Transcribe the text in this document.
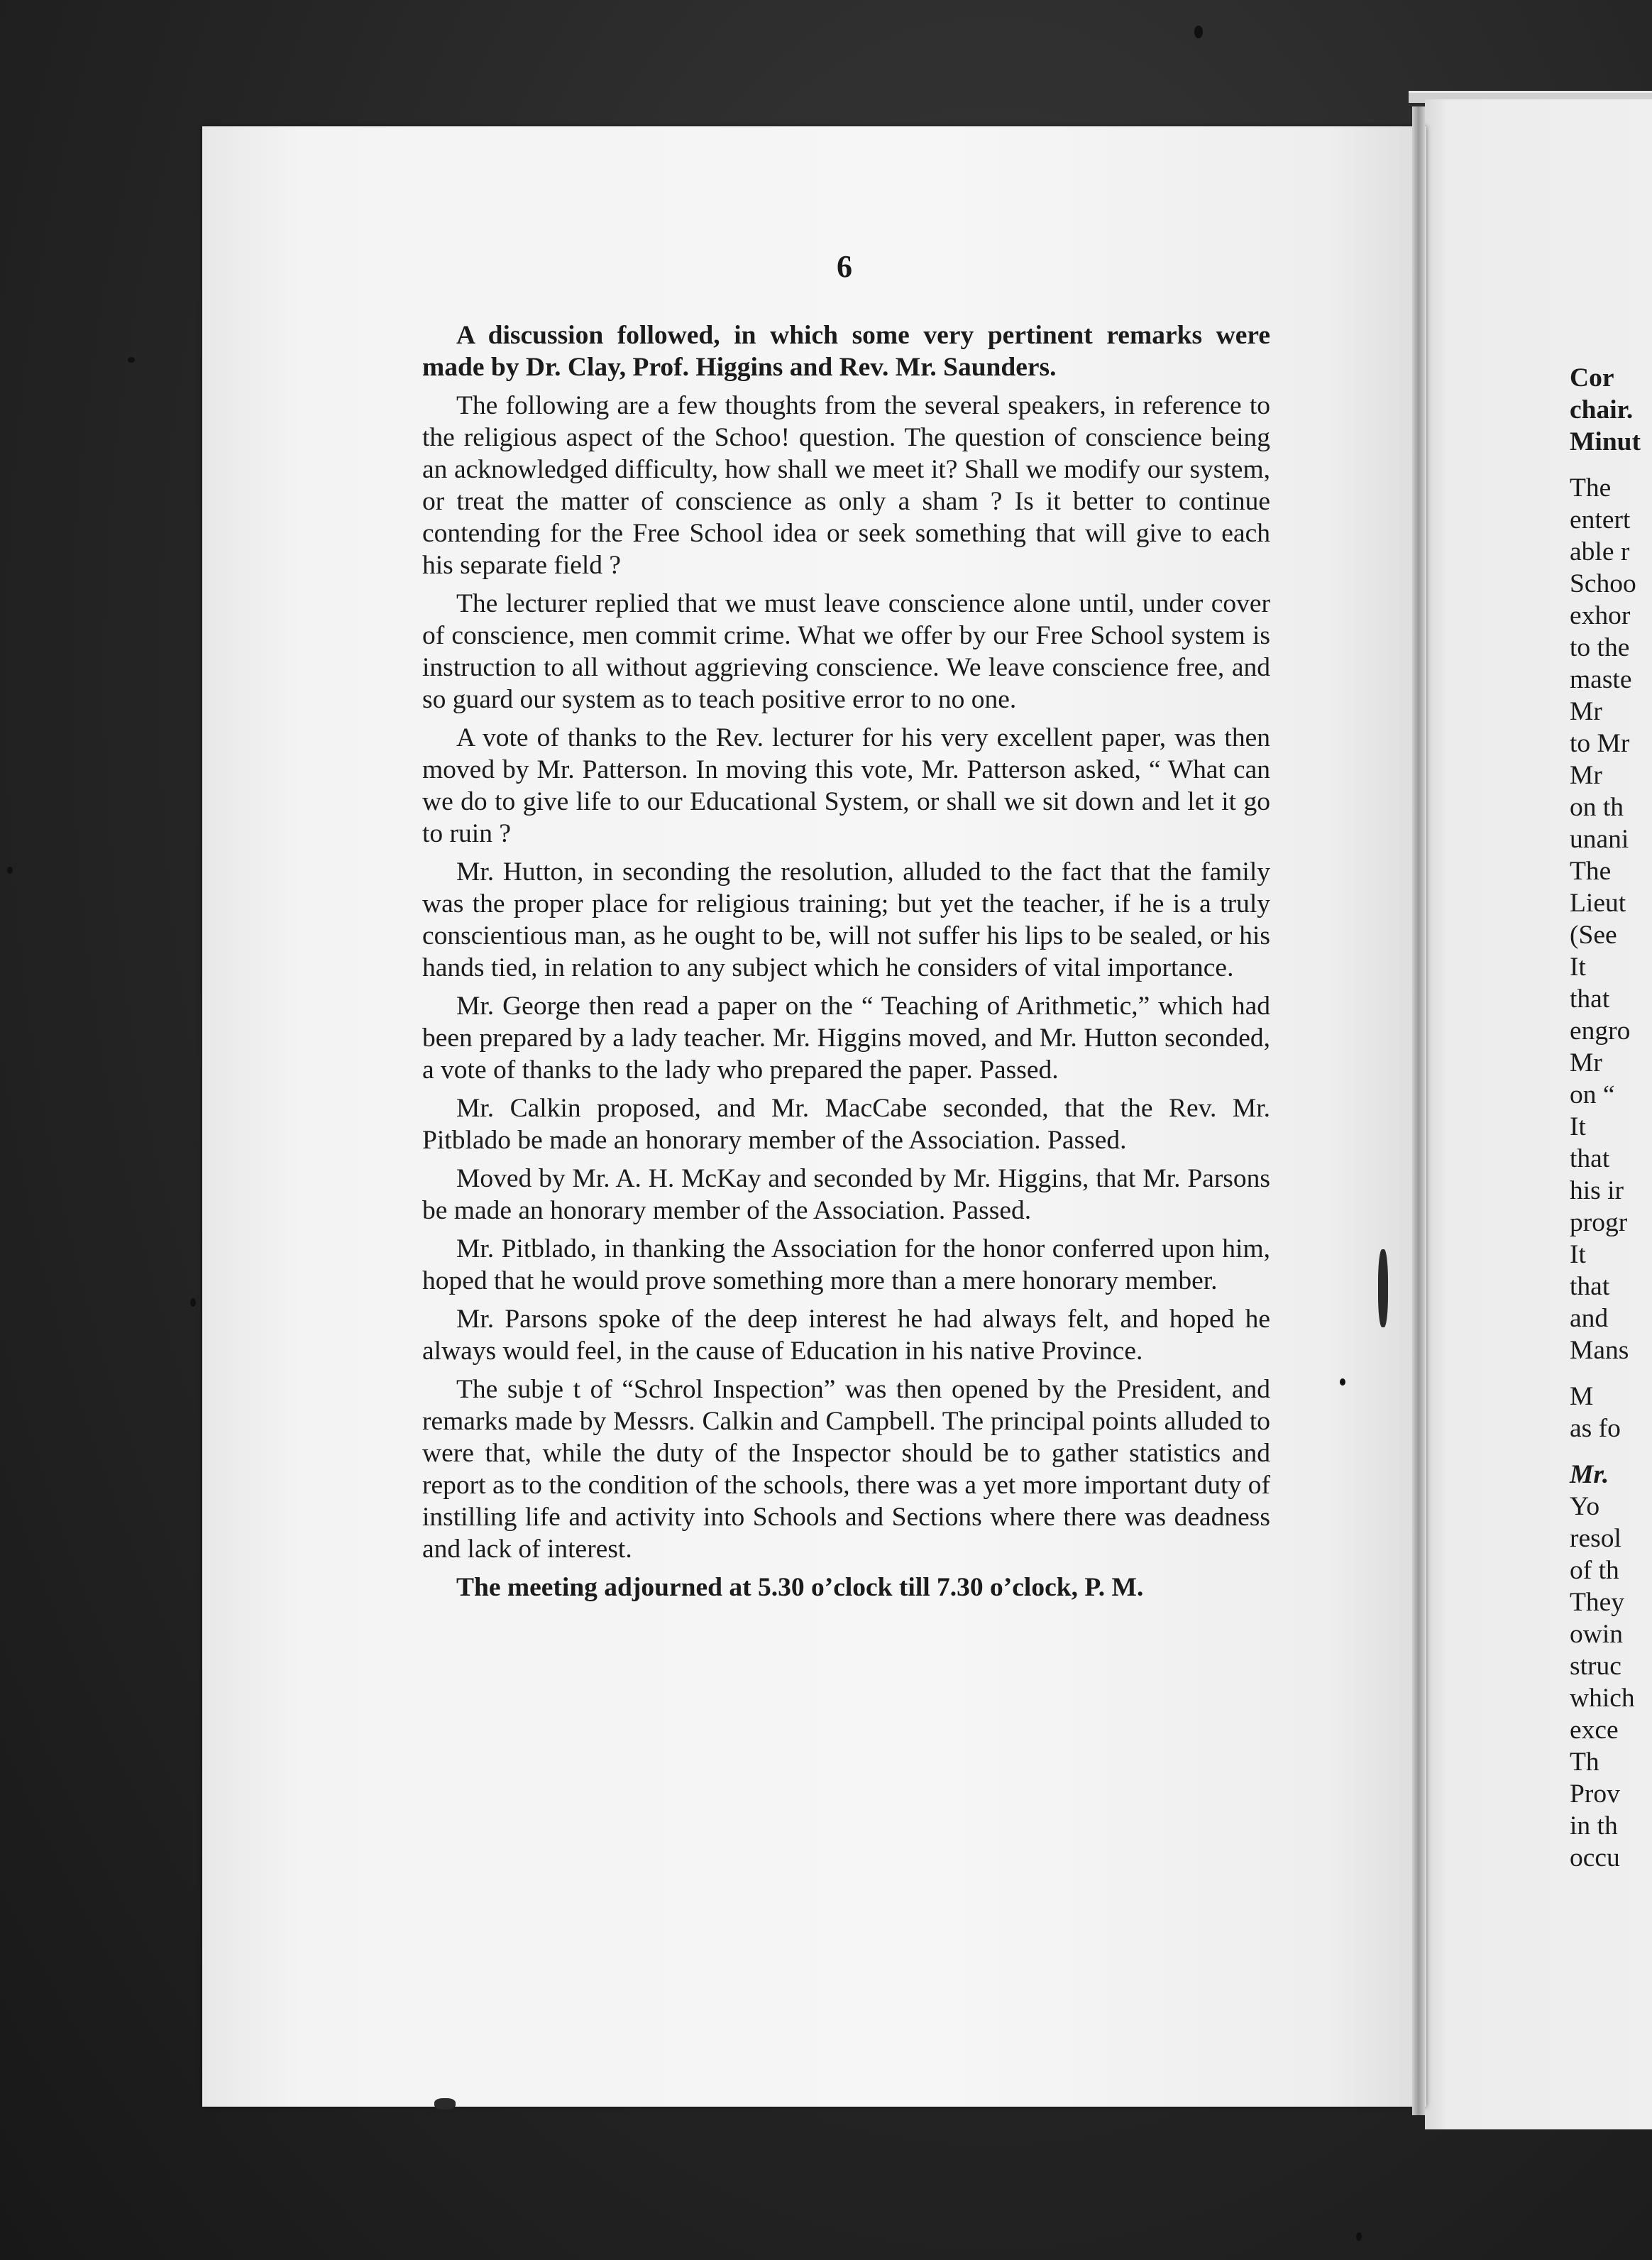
6

A discussion followed, in which some very pertinent remarks were made by Dr. Clay, Prof. Higgins and Rev. Mr. Saunders.

The following are a few thoughts from the several speakers, in reference to the religious aspect of the Schoo! question. The question of conscience being an acknowledged difficulty, how shall we meet it? Shall we modify our system, or treat the matter of conscience as only a sham ? Is it better to continue contending for the Free School idea or seek something that will give to each his separate field ?

The lecturer replied that we must leave conscience alone until, under cover of conscience, men commit crime. What we offer by our Free School system is instruction to all without aggrieving conscience. We leave conscience free, and so guard our system as to teach positive error to no one.

A vote of thanks to the Rev. lecturer for his very excellent paper, was then moved by Mr. Patterson. In moving this vote, Mr. Patterson asked, “ What can we do to give life to our Educational System, or shall we sit down and let it go to ruin ?

Mr. Hutton, in seconding the resolution, alluded to the fact that the family was the proper place for religious training; but yet the teacher, if he is a truly conscientious man, as he ought to be, will not suffer his lips to be sealed, or his hands tied, in relation to any subject which he considers of vital importance.

Mr. George then read a paper on the “ Teaching of Arithmetic,” which had been prepared by a lady teacher. Mr. Higgins moved, and Mr. Hutton seconded, a vote of thanks to the lady who prepared the paper. Passed.

Mr. Calkin proposed, and Mr. MacCabe seconded, that the Rev. Mr. Pitblado be made an honorary member of the Association. Passed.

Moved by Mr. A. H. McKay and seconded by Mr. Higgins, that Mr. Parsons be made an honorary member of the Association. Passed.

Mr. Pitblado, in thanking the Association for the honor conferred upon him, hoped that he would prove something more than a mere honorary member.

Mr. Parsons spoke of the deep interest he had always felt, and hoped he always would feel, in the cause of Education in his native Province.

The subje t of “Schrol Inspection” was then opened by the President, and remarks made by Messrs. Calkin and Campbell. The principal points alluded to were that, while the duty of the Inspector should be to gather statistics and report as to the condition of the schools, there was a yet more important duty of instilling life and activity into Schools and Sections where there was deadness and lack of interest.

The meeting adjourned at 5.30 o’clock till 7.30 o’clock, P. M.

Cor
chair.
Minut
The
entert
able r
Schoo
exhor
to the
maste
Mr
to Mr
Mr
on th
unani
The
Lieut
(See
It
that
engro
Mr
on “
It
that
his ir
progr
It
that
and
Mans
M
as fo
Mr.
Yo
resol
of th
They
owin
struc
which
exce
Th
Prov
in th
occu
